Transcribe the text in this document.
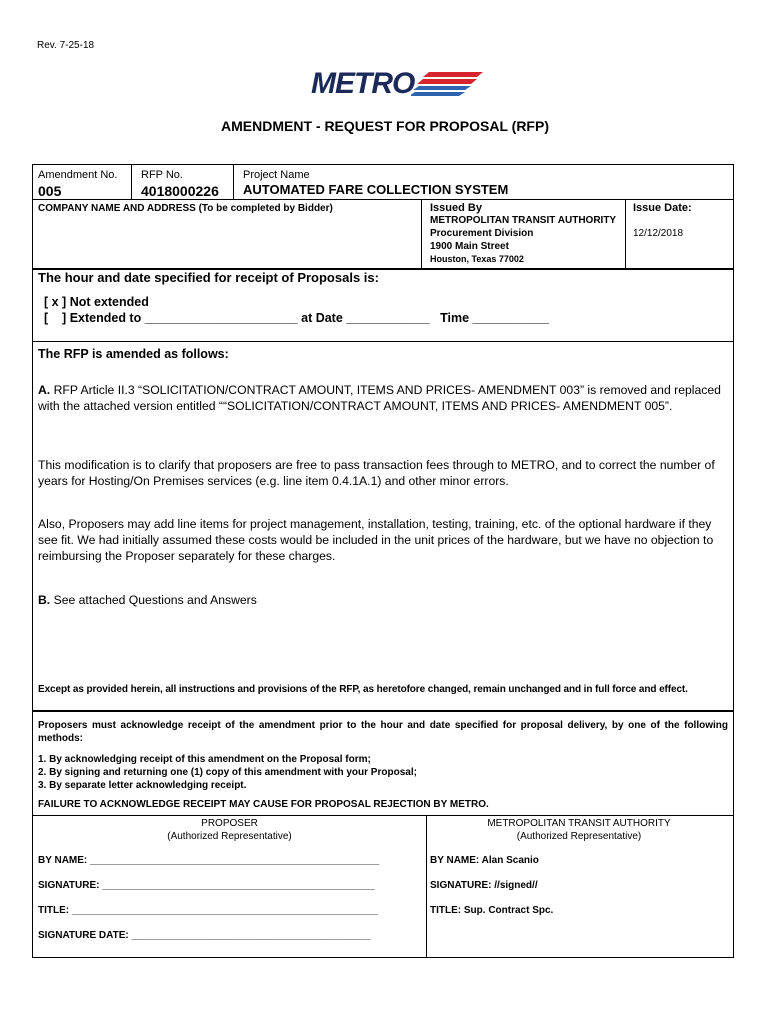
Rev. 7-25-18
METRO
AMENDMENT - REQUEST FOR PROPOSAL (RFP)
Amendment No.
005
RFP No.
4018000226
Project Name
AUTOMATED FARE COLLECTION SYSTEM
COMPANY NAME AND ADDRESS (To be completed by Bidder)	Issued By
METROPOLITAN TRANSIT AUTHORITY
Procurement Division
1900 Main Street
Houston, Texas 77002
Issue Date:
12/12/2018
The hour and date specified for receipt of Proposals is:
[ x ] Not extended
[    ] Extended to ______________________ at Date ____________   Time ___________
The RFP is amended as follows:
A. RFP Article II.3 “SOLICITATION/CONTRACT AMOUNT, ITEMS AND PRICES- AMENDMENT 003” is removed and replaced with the attached version entitled ““SOLICITATION/CONTRACT AMOUNT, ITEMS AND PRICES- AMENDMENT 005”.
This modification is to clarify that proposers are free to pass transaction fees through to METRO, and to correct the number of years for Hosting/On Premises services (e.g. line item 0.4.1A.1) and other minor errors.
Also, Proposers may add line items for project management, installation, testing, training, etc. of the optional hardware if they see fit. We had initially assumed these costs would be included in the unit prices of the hardware, but we have no objection to reimbursing the Proposer separately for these charges.
B. See attached Questions and Answers
Except as provided herein, all instructions and provisions of the RFP, as heretofore changed, remain unchanged and in full force and effect.
Proposers must acknowledge receipt of the amendment prior to the hour and date specified for proposal delivery, by one of the following methods:
1. By acknowledging receipt of this amendment on the Proposal form;
2. By signing and returning one (1) copy of this amendment with your Proposal;
3. By separate letter acknowledging receipt.
FAILURE TO ACKNOWLEDGE RECEIPT MAY CAUSE FOR PROPOSAL REJECTION BY METRO.
PROPOSER
(Authorized Representative)
METROPOLITAN TRANSIT AUTHORITY
(Authorized Representative)
BY NAME: ____________________________________________________
SIGNATURE: _________________________________________________
TITLE: _______________________________________________________
SIGNATURE DATE: ___________________________________________
BY NAME: Alan Scanio
SIGNATURE: //signed//
TITLE: Sup. Contract Spc.
